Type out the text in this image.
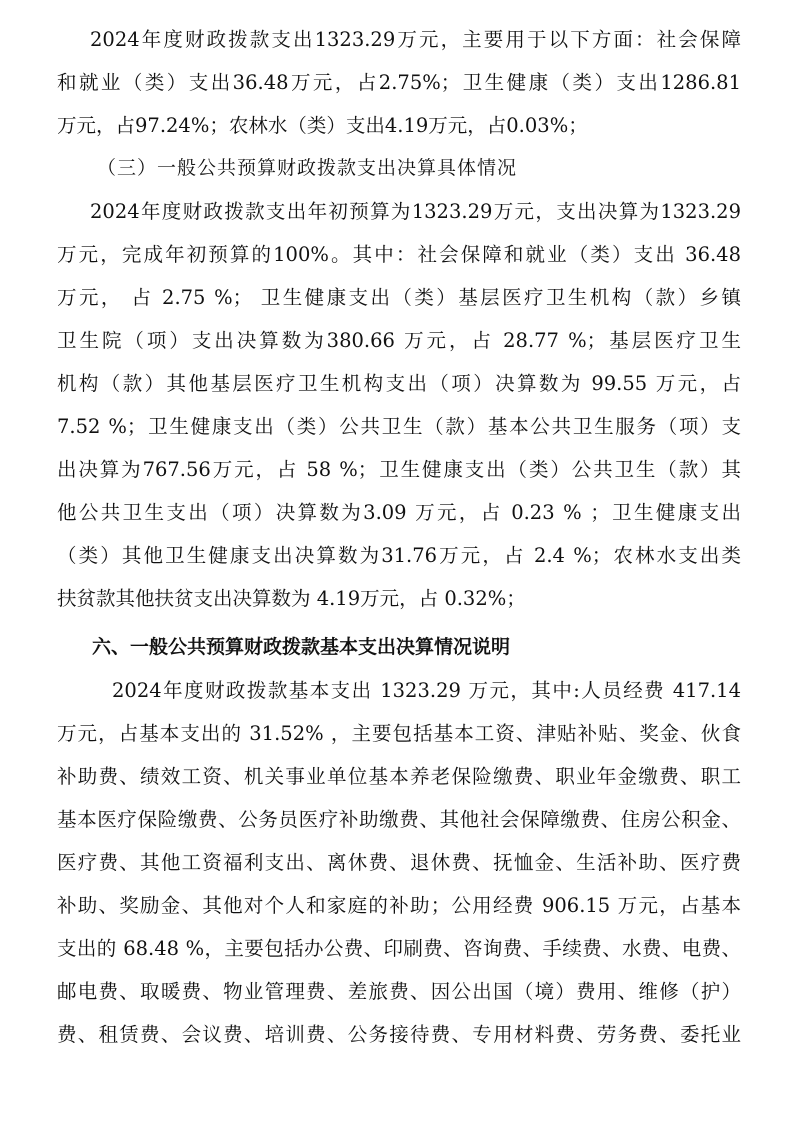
2024年度财政拨款支出1323.29万元，主要用于以下方面：社会保障
和就业（类）支出36.48万元，占2.75%；卫生健康（类）支出1286.81
万元，占97.24%；农林水（类）支出4.19万元，占0.03%；
（三）一般公共预算财政拨款支出决算具体情况
2024年度财政拨款支出年初预算为1323.29万元，支出决算为1323.29
万元，完成年初预算的100%。其中：社会保障和就业（类）支出 36.48
万元， 占 2.75 %； 卫生健康支出（类）基层医疗卫生机构（款）乡镇
卫生院（项）支出决算数为380.66 万元，占 28.77 %；基层医疗卫生
机构（款）其他基层医疗卫生机构支出（项）决算数为 99.55 万元，占
7.52 %；卫生健康支出（类）公共卫生（款）基本公共卫生服务（项）支
出决算为767.56万元，占 58 %；卫生健康支出（类）公共卫生（款）其
他公共卫生支出（项）决算数为3.09 万元，占 0.23 % ；卫生健康支出
（类）其他卫生健康支出决算数为31.76万元，占 2.4 %；农林水支出类
扶贫款其他扶贫支出决算数为 4.19万元，占 0.32%；
六、一般公共预算财政拨款基本支出决算情况说明
2024年度财政拨款基本支出 1323.29 万元，其中:人员经费 417.14
万元，占基本支出的 31.52% ，主要包括基本工资、津贴补贴、奖金、伙食
补助费、绩效工资、机关事业单位基本养老保险缴费、职业年金缴费、职工
基本医疗保险缴费、公务员医疗补助缴费、其他社会保障缴费、住房公积金、
医疗费、其他工资福利支出、离休费、退休费、抚恤金、生活补助、医疗费
补助、奖励金、其他对个人和家庭的补助；公用经费 906.15 万元，占基本
支出的 68.48 %，主要包括办公费、印刷费、咨询费、手续费、水费、电费、
邮电费、取暖费、物业管理费、差旅费、因公出国（境）费用、维修（护）
费、租赁费、会议费、培训费、公务接待费、专用材料费、劳务费、委托业
